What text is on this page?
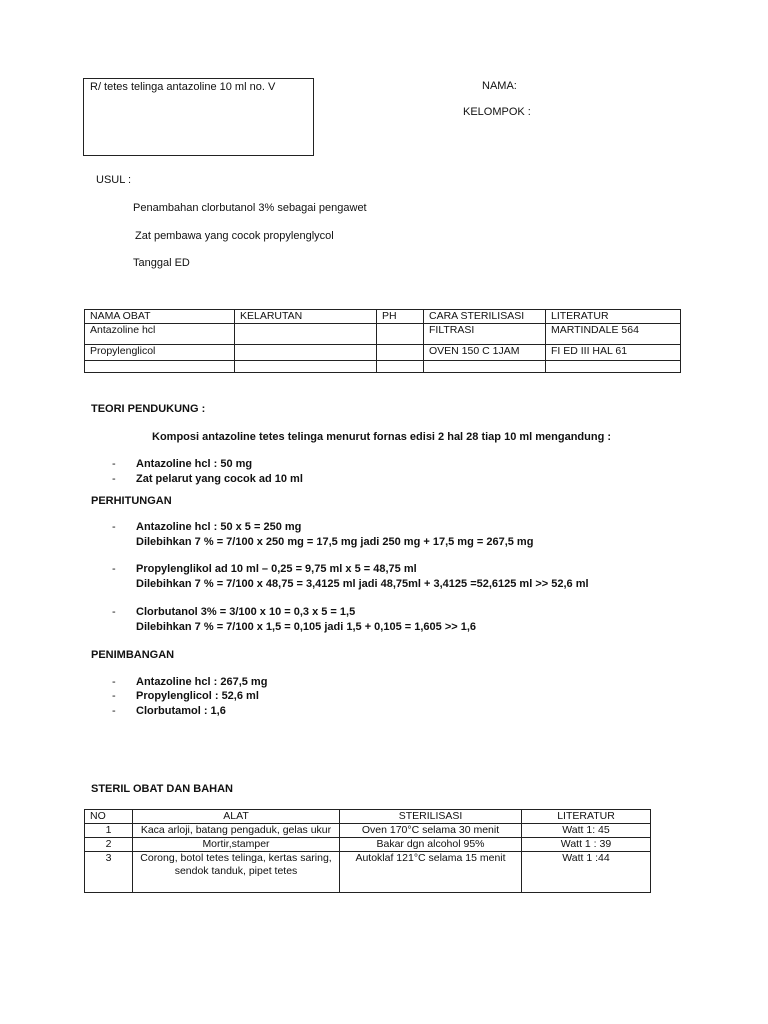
R/ tetes telinga antazoline 10 ml no. V	NAMA:
KELOMPOK :
USUL :
Penambahan clorbutanol 3% sebagai pengawet
Zat pembawa yang cocok propylenglycol
Tanggal ED
NAMA OBAT	KELARUTAN	PH	CARA STERILISASI	LITERATUR
Antazoline hcl			FILTRASI	MARTINDALE 564
Propylenglicol			OVEN 150 C 1JAM	FI ED III HAL 61

TEORI PENDUKUNG :
Komposi antazoline tetes telinga menurut fornas edisi 2 hal 28 tiap 10 ml mengandung :
- Antazoline hcl : 50 mg
- Zat pelarut yang cocok ad 10 ml
PERHITUNGAN
- Antazoline hcl : 50 x 5 = 250 mg
Dilebihkan 7 % = 7/100 x 250 mg = 17,5 mg jadi 250 mg + 17,5 mg = 267,5 mg
- Propylenglikol ad 10 ml – 0,25 = 9,75 ml x 5 = 48,75 ml
Dilebihkan 7 % = 7/100 x 48,75 = 3,4125 ml jadi 48,75ml + 3,4125 =52,6125 ml >> 52,6 ml
- Clorbutanol 3% = 3/100 x 10 = 0,3 x 5 = 1,5
Dilebihkan 7 % = 7/100 x 1,5 = 0,105 jadi 1,5 + 0,105 = 1,605 >> 1,6
PENIMBANGAN
- Antazoline hcl : 267,5 mg
- Propylenglicol : 52,6 ml
- Clorbutamol : 1,6
STERIL OBAT DAN BAHAN
NO	ALAT	STERILISASI	LITERATUR
1	Kaca arloji, batang pengaduk, gelas ukur	Oven 170°C selama 30 menit	Watt 1: 45
2	Mortir,stamper	Bakar dgn alcohol 95%	Watt 1 : 39
3	Corong, botol tetes telinga, kertas saring, sendok tanduk, pipet tetes	Autoklaf 121°C selama 15 menit	Watt 1 :44
